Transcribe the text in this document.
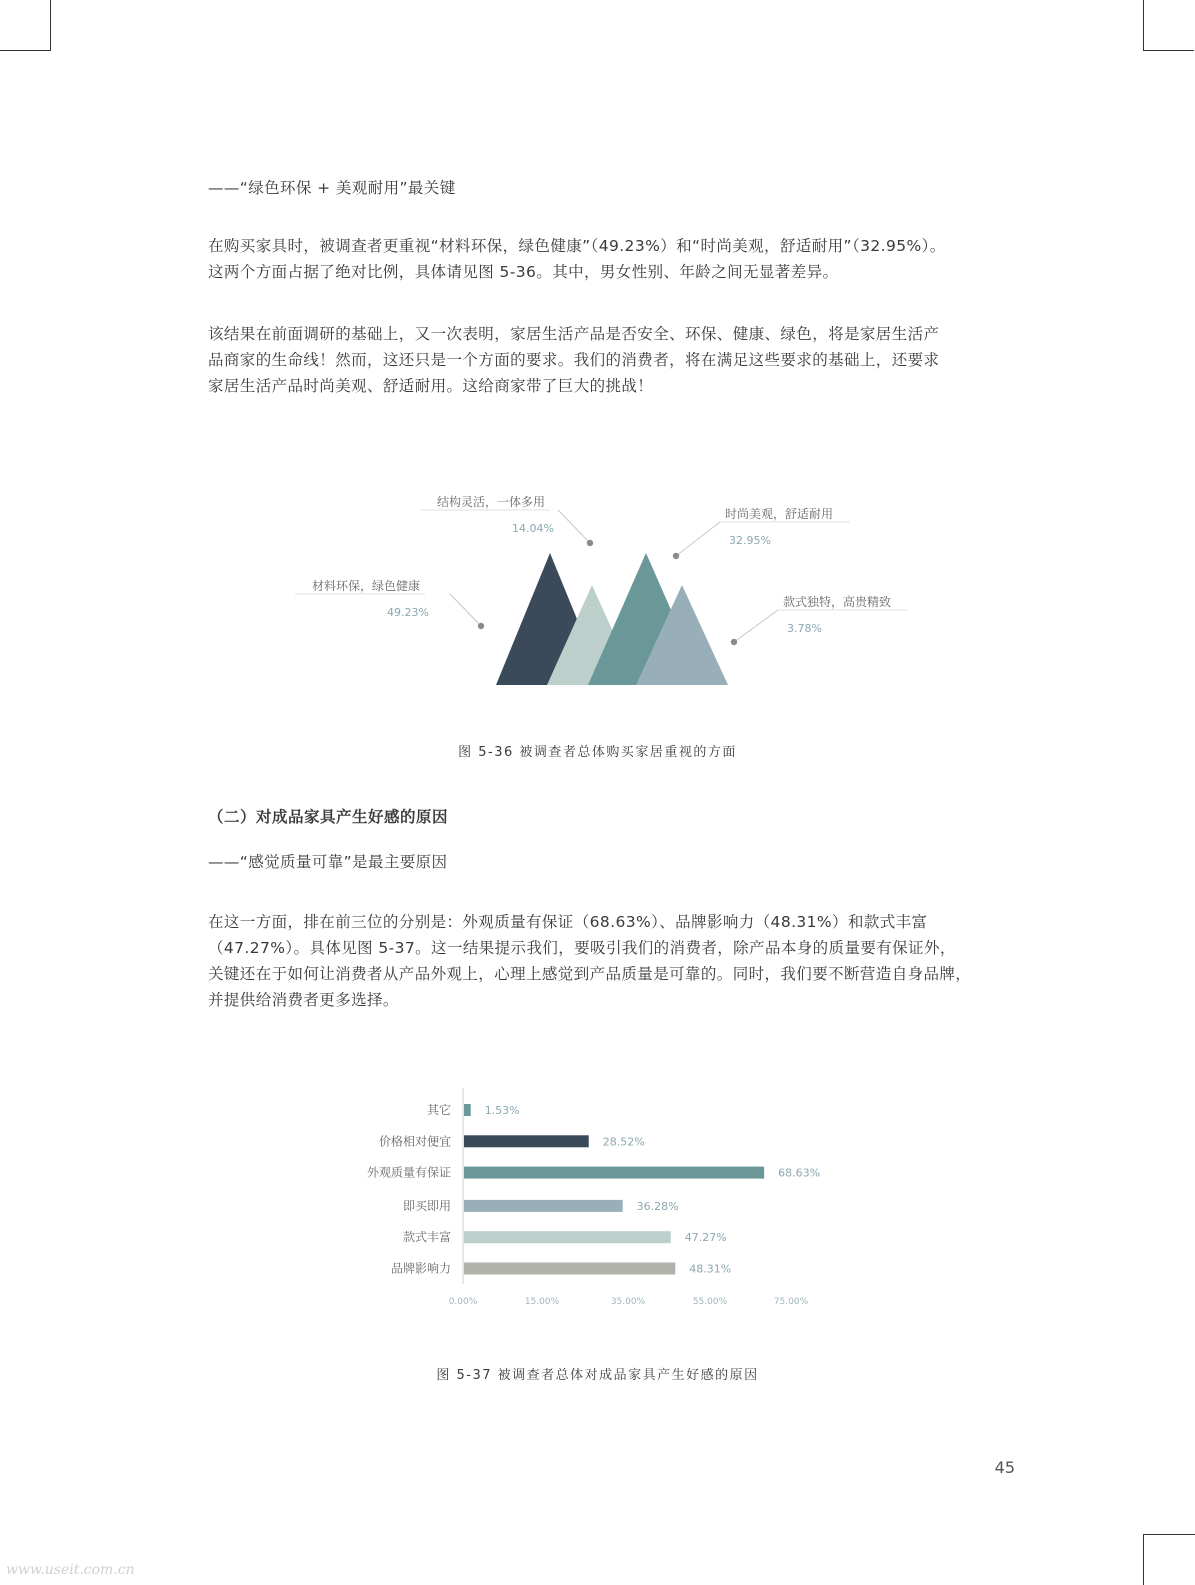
——“绿色环保 + 美观耐用”最关键
在购买家具时，被调查者更重视“材料环保，绿色健康”（49.23%）和“时尚美观，舒适耐用”（32.95%）。
这两个方面占据了绝对比例，具体请见图 5-36。其中，男女性别、年龄之间无显著差异。
该结果在前面调研的基础上，又一次表明，家居生活产品是否安全、环保、健康、绿色，将是家居生活产
品商家的生命线！然而，这还只是一个方面的要求。我们的消费者，将在满足这些要求的基础上，还要求
家居生活产品时尚美观、舒适耐用。这给商家带了巨大的挑战！
材料环保，绿色健康
49.23%
结构灵活，一体多用
14.04%
时尚美观，舒适耐用
32.95%
款式独特，高贵精致
3.78%
图 5-36 被调查者总体购买家居重视的方面
（二）对成品家具产生好感的原因
——“感觉质量可靠”是最主要原因
在这一方面，排在前三位的分别是：外观质量有保证（68.63%）、品牌影响力（48.31%）和款式丰富
（47.27%）。具体见图 5-37。这一结果提示我们，要吸引我们的消费者，除产品本身的质量要有保证外，
关键还在于如何让消费者从产品外观上，心理上感觉到产品质量是可靠的。同时，我们要不断营造自身品牌，
并提供给消费者更多选择。
其它	1.53%
价格相对便宜	28.52%
外观质量有保证	68.63%
即买即用	36.28%
款式丰富	47.27%
品牌影响力	48.31%
0.00%	15.00%	35.00%	55.00%	75.00%
图 5-37 被调查者总体对成品家具产生好感的原因
45
www.useit.com.cn
